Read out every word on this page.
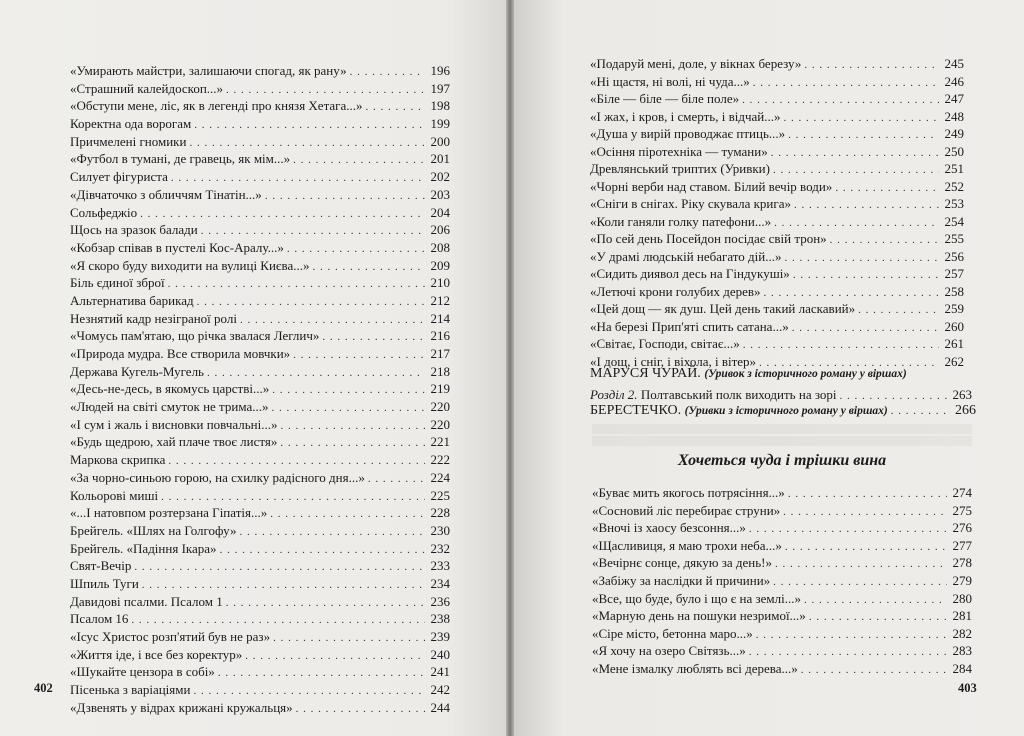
«Умирають майстри, залишаючи спогад, як рану» . . .	196
«Страшний калейдоскоп...» . . .	197
«Обступи мене, ліс, як в легенді про князя Хетага...» . . .	198
Коректна ода ворогам . . .	199
Причмелені гномики . . .	200
«Футбол в тумані, де гравець, як мім...» . . .	201
Силует фігуриста . . .	202
«Дівчаточко з обличчям Тінатін...» . . .	203
Сольфеджіо . . .	204
Щось на зразок балади . . .	206
«Кобзар співав в пустелі Кос-Аралу...» . . .	208
«Я скоро буду виходити на вулиці Києва...» . . .	209
Біль єдиної зброї . . .	210
Альтернатива барикад . . .	212
Незнятий кадр незіграної ролі . . .	214
«Чомусь пам'ятаю, що річка звалася Леглич» . . .	216
«Природа мудра. Все створила мовчки» . . .	217
Держава Кугель-Мугель . . .	218
«Десь-не-десь, в якомусь царстві...» . . .	219
«Людей на світі смуток не трима...» . . .	220
«І сум і жаль і висновки повчальні...» . . .	220
«Будь щедрою, хай плаче твоє листя» . . .	221
Маркова скрипка . . .	222
«За чорно-синьою горою, на схилку радісного дня...» . . .	224
Кольорові миші . . .	225
«...І натовпом розтерзана Гіпатія...» . . .	228
Брейгель. «Шлях на Голгофу» . . .	230
Брейгель. «Падіння Ікара» . . .	232
Свят-Вечір . . .	233
Шпиль Туги . . .	234
Давидові псалми. Псалом 1 . . .	236
Псалом 16 . . .	238
«Ісус Христос розп'ятий був не раз» . . .	239
«Життя іде, і все без коректур» . . .	240
«Шукайте цензора в собі» . . .	241
Пісенька з варіаціями . . .	242
«Дзвенять у відрах крижані кружальця» . . .	244
«Подаруй мені, доле, у вікнах березу» . . .	245
«Ні щастя, ні волі, ні чуда...» . . .	246
«Біле — біле — біле поле» . . .	247
«І жах, і кров, і смерть, і відчай...» . . .	248
«Душа у вирій проводжає птиць...» . . .	249
«Осіння піротехніка — тумани» . . .	250
Древлянський триптих (Уривки) . . .	251
«Чорні верби над ставом. Білий вечір води» . . .	252
«Сніги в снігах. Ріку скувала крига» . . .	253
«Коли ганяли голку патефони...» . . .	254
«По сей день Посейдон посідає свій трон» . . .	255
«У драмі людській небагато дій...» . . .	256
«Сидить диявол десь на Гіндукуші» . . .	257
«Летючі крони голубих дерев» . . .	258
«Цей дощ — як душ. Цей день такий ласкавий» . . .	259
«На березі Прип'яті спить сатана...» . . .	260
«Світає, Господи, світає...» . . .	261
«І дощ, і сніг, і віхола, і вітер» . . .	262
МАРУСЯ ЧУРАЙ. (Уривок з історичного роману у віршах)
Розділ 2. Полтавський полк виходить на зорі . . .	263
БЕРЕСТЕЧКО. (Уривки з історичного роману у віршах) . . .	266
Хочеться чуда і трішки вина
«Буває мить якогось потрясіння...» . . .	274
«Сосновий ліс перебирає струни» . . .	275
«Вночі із хаосу безсоння...» . . .	276
«Щасливиця, я маю трохи неба...» . . .	277
«Вечірнє сонце, дякую за день!» . . .	278
«Забіжу за наслідки й причини» . . .	279
«Все, що буде, було і що є на землі...» . . .	280
«Марную день на пошуки незримої...» . . .	281
«Сіре місто, бетонна маро...» . . .	282
«Я хочу на озеро Світязь...» . . .	283
«Мене ізмалку люблять всі дерева...» . . .	284
402	403
